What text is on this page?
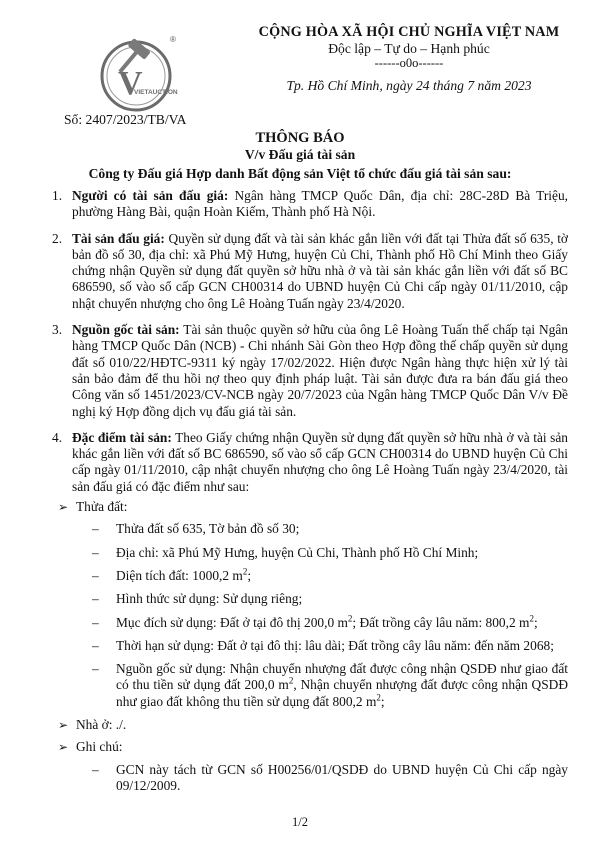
V
VIETAUCTION
®	CỘNG HÒA XÃ HỘI CHỦ NGHĨA VIỆT NAM
Độc lập – Tự do – Hạnh phúc
------o0o------
Tp. Hồ Chí Minh, ngày 24 tháng 7 năm 2023
Số: 2407/2023/TB/VA
THÔNG BÁO
V/v Đấu giá tài sản
Công ty Đấu giá Hợp danh Bất động sản Việt tổ chức đấu giá tài sản sau:
1. Người có tài sản đấu giá: Ngân hàng TMCP Quốc Dân, địa chỉ: 28C-28D Bà Triệu, phường Hàng Bài, quận Hoàn Kiếm, Thành phố Hà Nội.
2. Tài sản đấu giá: Quyền sử dụng đất và tài sản khác gắn liền với đất tại Thửa đất số 635, tờ bản đồ số 30, địa chỉ: xã Phú Mỹ Hưng, huyện Củ Chi, Thành phố Hồ Chí Minh theo Giấy chứng nhận Quyền sử dụng đất quyền sở hữu nhà ở và tài sản khác gắn liền với đất số BC 686590, số vào sổ cấp GCN CH00314 do UBND huyện Củ Chi cấp ngày 01/11/2010, cập nhật chuyển nhượng cho ông Lê Hoàng Tuấn ngày 23/4/2020.
3. Nguồn gốc tài sản: Tài sản thuộc quyền sở hữu của ông Lê Hoàng Tuấn thế chấp tại Ngân hàng TMCP Quốc Dân (NCB) - Chi nhánh Sài Gòn theo Hợp đồng thế chấp quyền sử dụng đất số 010/22/HĐTC-9311 ký ngày 17/02/2022. Hiện được Ngân hàng thực hiện xử lý tài sản bảo đảm để thu hồi nợ theo quy định pháp luật. Tài sản được đưa ra bán đấu giá theo Công văn số 1451/2023/CV-NCB ngày 20/7/2023 của Ngân hàng TMCP Quốc Dân V/v Đề nghị ký Hợp đồng dịch vụ đấu giá tài sản.
4. Đặc điểm tài sản: Theo Giấy chứng nhận Quyền sử dụng đất quyền sở hữu nhà ở và tài sản khác gắn liền với đất số BC 686590, số vào sổ cấp GCN CH00314 do UBND huyện Củ Chi cấp ngày 01/11/2010, cập nhật chuyển nhượng cho ông Lê Hoàng Tuấn ngày 23/4/2020, tài sản đấu giá có đặc điểm như sau:
➢ Thửa đất:
– Thửa đất số 635, Tờ bản đồ số 30;
– Địa chỉ: xã Phú Mỹ Hưng, huyện Củ Chi, Thành phố Hồ Chí Minh;
– Diện tích đất: 1000,2 $m^2$;
– Hình thức sử dụng: Sử dụng riêng;
– Mục đích sử dụng: Đất ở tại đô thị 200,0 $m^2$; Đất trồng cây lâu năm: 800,2 $m^2$;
– Thời hạn sử dụng: Đất ở tại đô thị: lâu dài; Đất trồng cây lâu năm: đến năm 2068;
– Nguồn gốc sử dụng: Nhận chuyển nhượng đất được công nhận QSDĐ như giao đất có thu tiền sử dụng đất 200,0 $m^2$, Nhận chuyển nhượng đất được công nhận QSDĐ như giao đất không thu tiền sử dụng đất 800,2 $m^2$;
➢ Nhà ở: ./.
➢ Ghi chú:
– GCN này tách từ GCN số H00256/01/QSDĐ do UBND huyện Củ Chi cấp ngày 09/12/2009.
1/2
